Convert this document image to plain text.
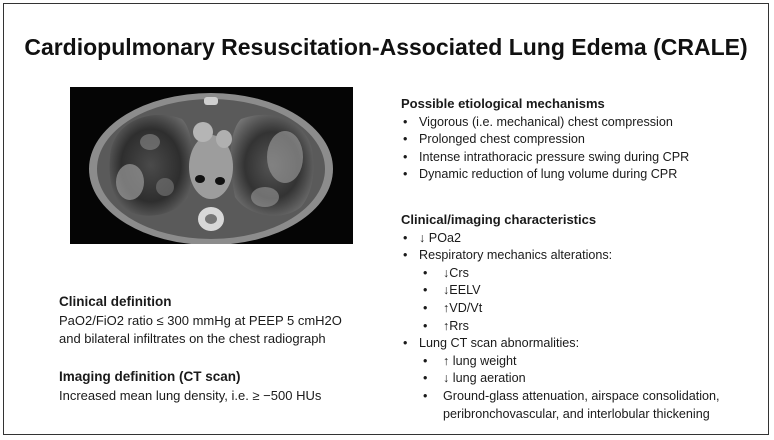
Cardiopulmonary Resuscitation-Associated Lung Edema (CRALE)
Clinical definition
PaO2/FiO2 ratio ≤ 300 mmHg at PEEP 5 cmH2O
and bilateral infiltrates on the chest radiograph
Imaging definition (CT scan)
Increased mean lung density, i.e. ≥ −500 HUs
Possible etiological mechanisms
• Vigorous (i.e. mechanical) chest compression
• Prolonged chest compression
• Intense intrathoracic pressure swing during CPR
• Dynamic reduction of lung volume during CPR
Clinical/imaging characteristics
• ↓ POa2
• Respiratory mechanics alterations:
• ↓Crs
• ↓EELV
• ↑VD/Vt
• ↑Rrs
• Lung CT scan abnormalities:
• ↑ lung weight
• ↓ lung aeration
• Ground-glass attenuation, airspace consolidation,
peribronchovascular, and interlobular thickening
